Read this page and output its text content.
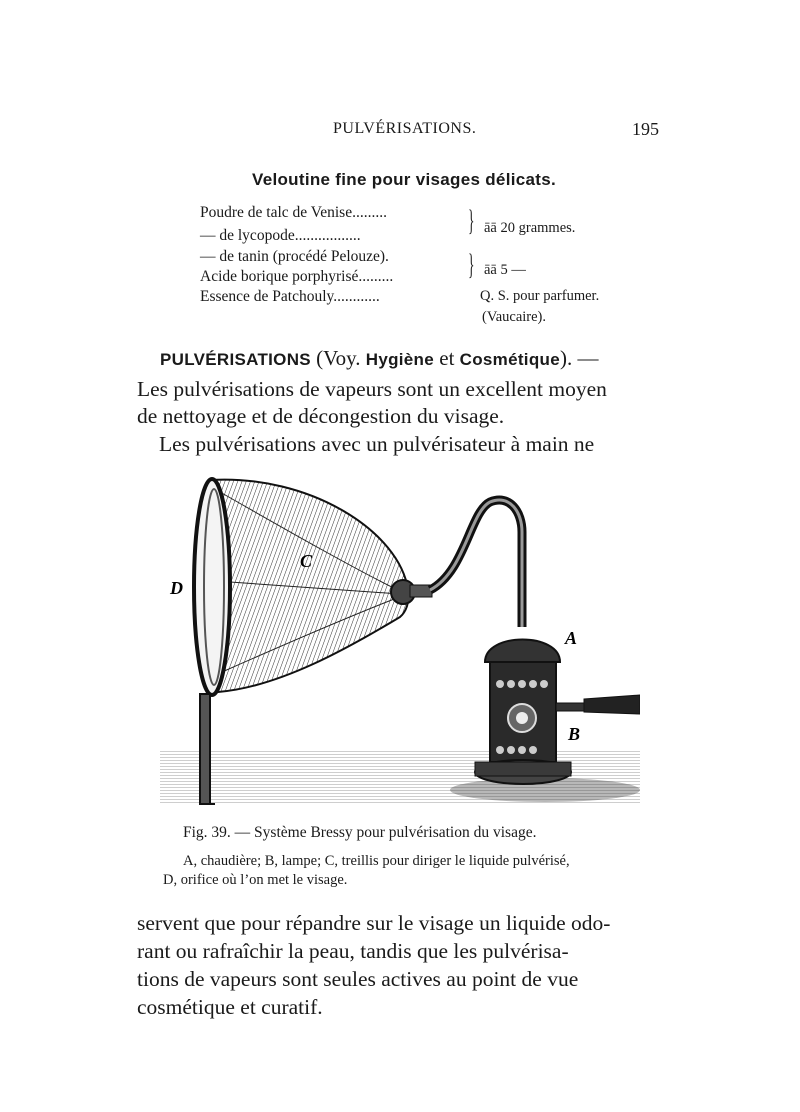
PULVÉRISATIONS.	195
Veloutine fine pour visages délicats.
Poudre de talc de Venise.........
— de lycopode.................
— de tanin (procédé Pelouze).
Acide borique porphyrisé.........
Essence de Patchouly............
}
}
āā 20 grammes.
āā 5 —
Q. S. pour parfumer.
(Vaucaire).
PULVÉRISATIONS (Voy. Hygiène et Cosmétique). —
Les pulvérisations de vapeurs sont un excellent moyen
de nettoyage et de décongestion du visage.
Les pulvérisations avec un pulvérisateur à main ne
D
C
A
B
Fig. 39. — Système Bressy pour pulvérisation du visage.
A, chaudière; B, lampe; C, treillis pour diriger le liquide pulvérisé,
D, orifice où l’on met le visage.
servent que pour répandre sur le visage un liquide odo-
rant ou rafraîchir la peau, tandis que les pulvérisa-
tions de vapeurs sont seules actives au point de vue
cosmétique et curatif.
